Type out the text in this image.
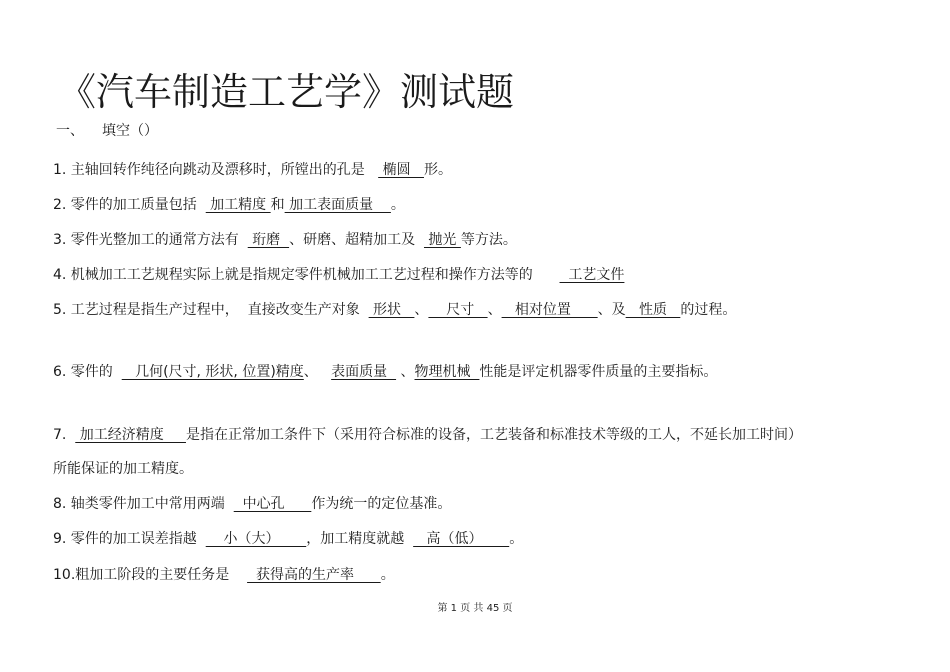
《汽车制造工艺学》测试题
一、 填空（）
1. 主轴回转作纯径向跳动及漂移时，所镗出的孔是    椭圆   形。
2. 零件的加工质量包括   加工精度 和 加工表面质量    。
3. 零件光整加工的通常方法有   珩磨  、研磨、超精加工及   抛光 等方法。
4. 机械加工工艺规程实际上就是指规定零件机械加工工艺过程和操作方法等的        工艺文件
5. 工艺过程是指生产过程中，  直接改变生产对象   形状   、    尺寸   、   相对位置      、及   性质   的过程。
6. 零件的     几何(尺寸, 形状, 位置)精度、   表面质量   、物理机械  性能是评定机器零件质量的主要指标。
7.   加工经济精度     是指在正常加工条件下（采用符合标准的设备，工艺装备和标准技术等级的工人，不延长加工时间）
所能保证的加工精度。
8. 轴类零件加工中常用两端    中心孔      作为统一的定位基准。
9. 零件的加工误差指越      小（大）      ，加工精度就越     高（低）      。
10.粗加工阶段的主要任务是      获得高的生产率      。
第 1 页 共 45 页
